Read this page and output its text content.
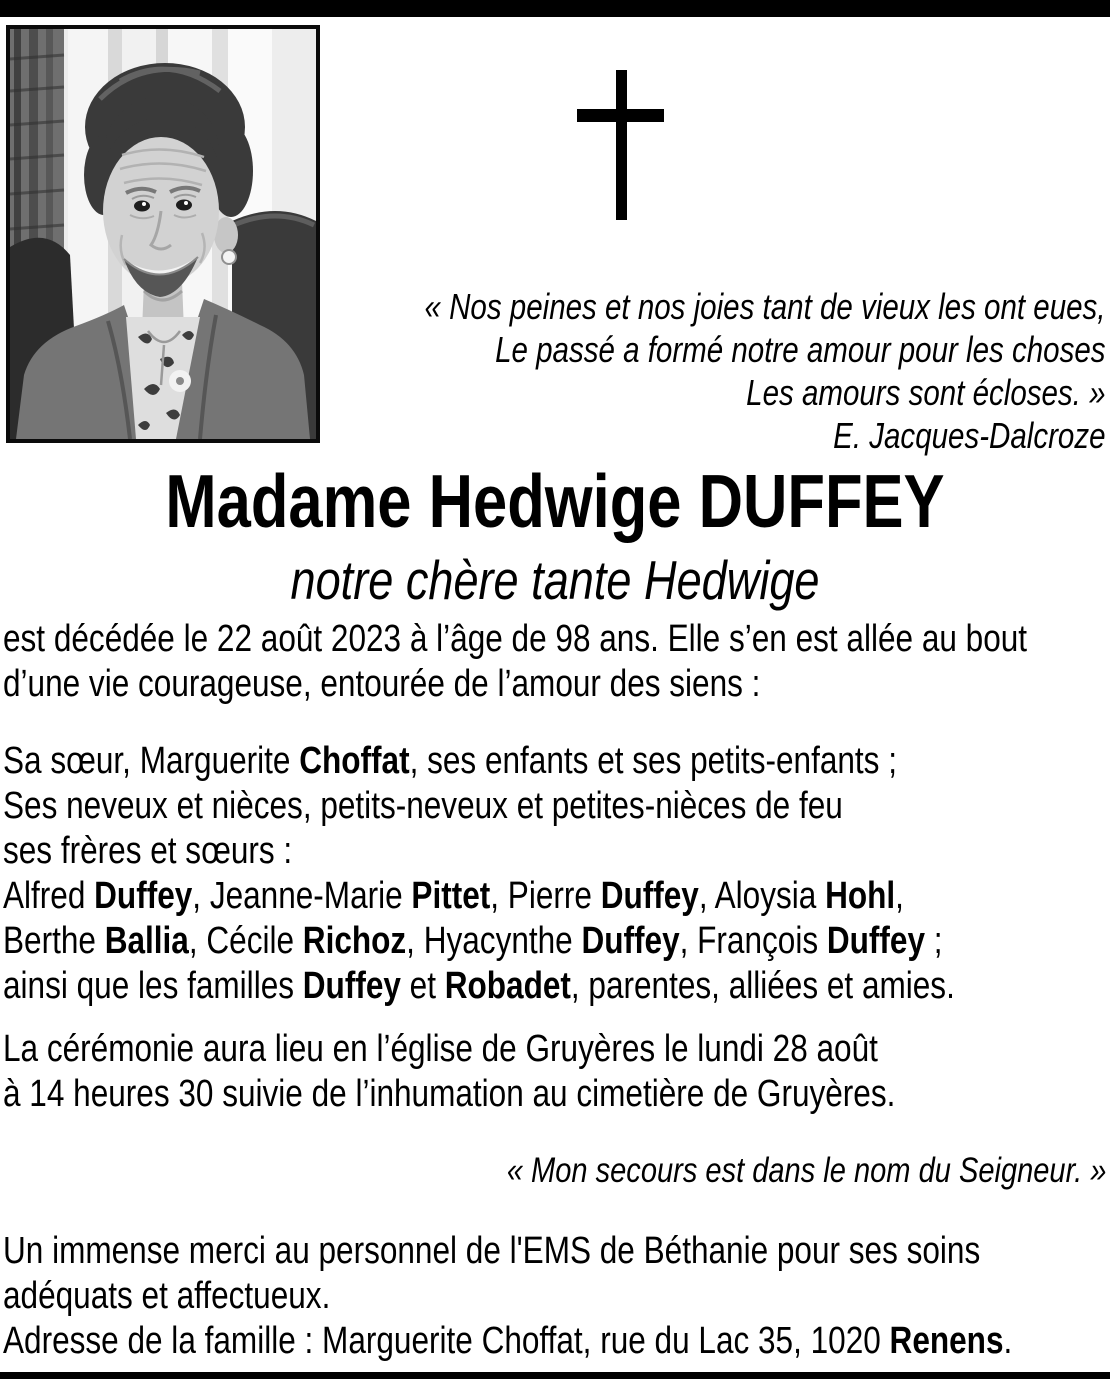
« Nos peines et nos joies tant de vieux les ont eues,
Le passé a formé notre amour pour les choses
Les amours sont écloses. »
E. Jacques-Dalcroze
Madame Hedwige DUFFEY
notre chère tante Hedwige
est décédée le 22 août 2023 à l’âge de 98 ans. Elle s’en est allée au bout
d’une vie courageuse, entourée de l’amour des siens :
Sa sœur, Marguerite Choffat, ses enfants et ses petits-enfants ;
Ses neveux et nièces, petits-neveux et petites-nièces de feu
ses frères et sœurs :
Alfred Duffey, Jeanne-Marie Pittet, Pierre Duffey, Aloysia Hohl,
Berthe Ballia, Cécile Richoz, Hyacynthe Duffey, François Duffey ;
ainsi que les familles Duffey et Robadet, parentes, alliées et amies.
La cérémonie aura lieu en l’église de Gruyères le lundi 28 août
à 14 heures 30 suivie de l’inhumation au cimetière de Gruyères.
« Mon secours est dans le nom du Seigneur. »
Un immense merci au personnel de l'EMS de Béthanie pour ses soins
adéquats et affectueux.
Adresse de la famille : Marguerite Choffat, rue du Lac 35, 1020 Renens.
